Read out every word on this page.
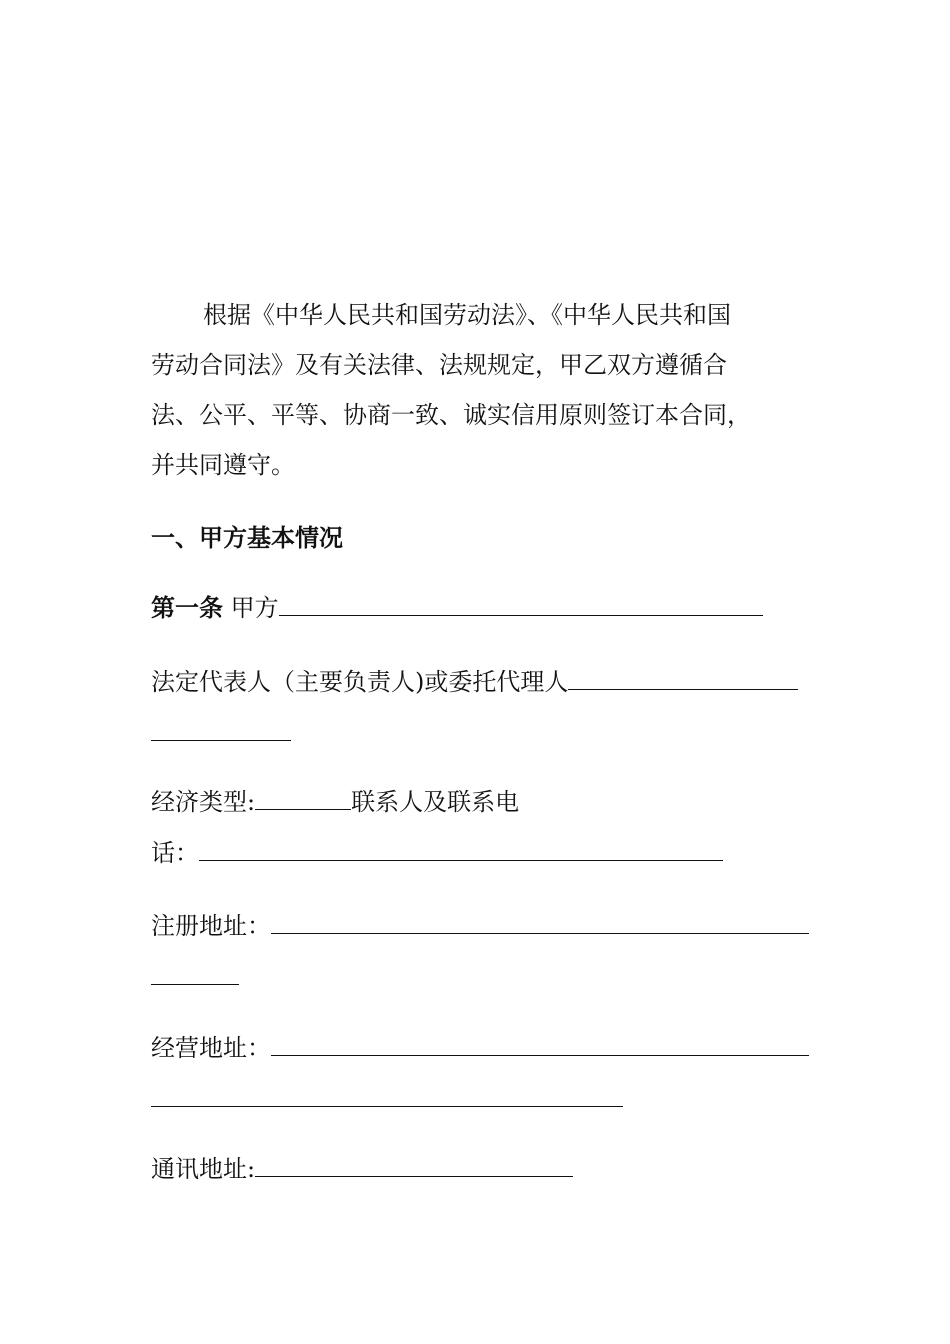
根据《中华人民共和国劳动法》、《中华人民共和国
劳动合同法》及有关法律、法规规定，甲乙双方遵循合
法、公平、平等、协商一致、诚实信用原则签订本合同，
并共同遵守。
一、甲方基本情况
第一条 甲方
法定代表人（主要负责人)或委托代理人
经济类型:	联系人及联系电
话：
注册地址：
经营地址：
通讯地址:
